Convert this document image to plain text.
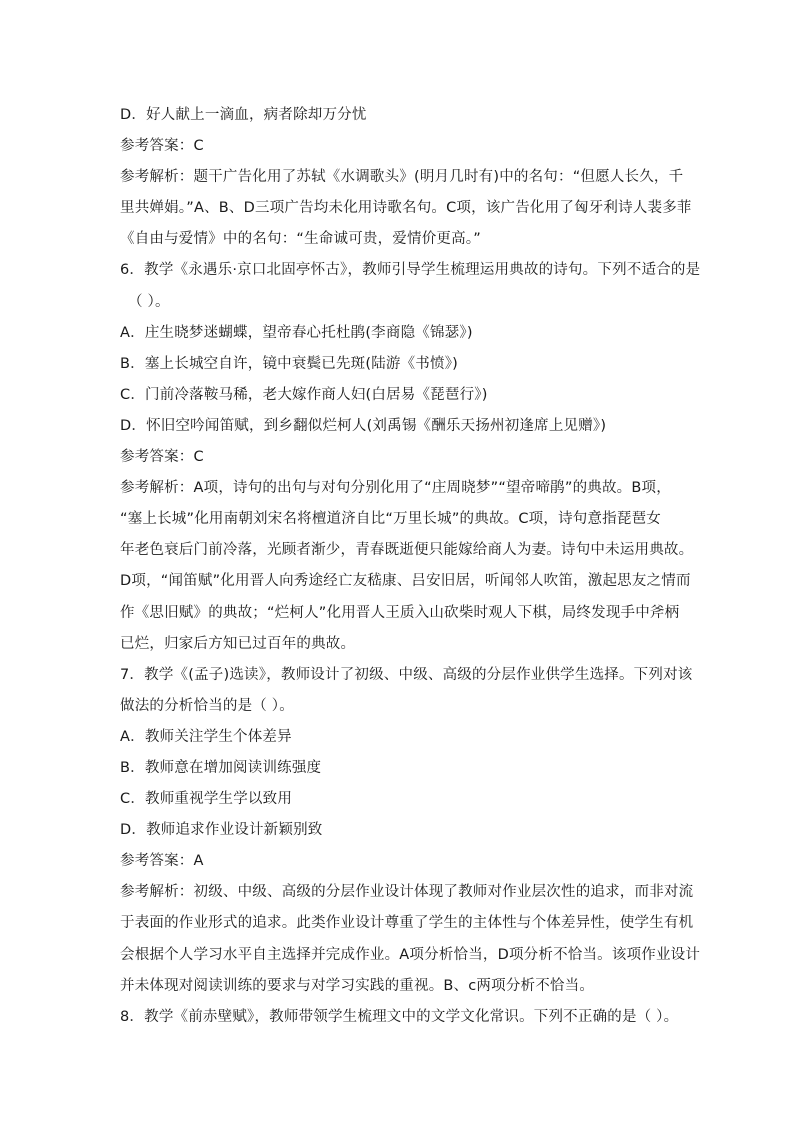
D．好人献上一滴血，病者除却万分忧
参考答案：C
参考解析：题干广告化用了苏轼《水调歌头》(明月几时有)中的名句：“但愿人长久，千
里共婵娟。”A、B、D三项广告均未化用诗歌名句。C项，该广告化用了匈牙利诗人裴多菲
《自由与爱情》中的名句：“生命诚可贵，爱情价更高。”
6．教学《永遇乐·京口北固亭怀古》，教师引导学生梳理运用典故的诗句。下列不适合的是
（ ）。
A．庄生晓梦迷蝴蝶，望帝春心托杜鹃(李商隐《锦瑟》)
B．塞上长城空自许，镜中衰鬓已先斑(陆游《书愤》)
C．门前冷落鞍马稀，老大嫁作商人妇(白居易《琵琶行》)
D．怀旧空吟闻笛赋，到乡翻似烂柯人(刘禹锡《酬乐天扬州初逢席上见赠》)
参考答案：C
参考解析：A项，诗句的出句与对句分别化用了“庄周晓梦”“望帝啼鹃”的典故。B项，
“塞上长城”化用南朝刘宋名将檀道济自比“万里长城”的典故。C项，诗句意指琵琶女
年老色衰后门前冷落，光顾者渐少，青春既逝便只能嫁给商人为妻。诗句中未运用典故。
D项，“闻笛赋”化用晋人向秀途经亡友嵇康、吕安旧居，听闻邻人吹笛，激起思友之情而
作《思旧赋》的典故；“烂柯人”化用晋人王质入山砍柴时观人下棋，局终发现手中斧柄
已烂，归家后方知已过百年的典故。
7．教学《(孟子)选读》，教师设计了初级、中级、高级的分层作业供学生选择。下列对该
做法的分析恰当的是（ ）。
A．教师关注学生个体差异
B．教师意在增加阅读训练强度
C．教师重视学生学以致用
D．教师追求作业设计新颖别致
参考答案：A
参考解析：初级、中级、高级的分层作业设计体现了教师对作业层次性的追求，而非对流
于表面的作业形式的追求。此类作业设计尊重了学生的主体性与个体差异性，使学生有机
会根据个人学习水平自主选择并完成作业。A项分析恰当，D项分析不恰当。该项作业设计
并未体现对阅读训练的要求与对学习实践的重视。B、c两项分析不恰当。
8．教学《前赤壁赋》，教师带领学生梳理文中的文学文化常识。下列不正确的是（ ）。
